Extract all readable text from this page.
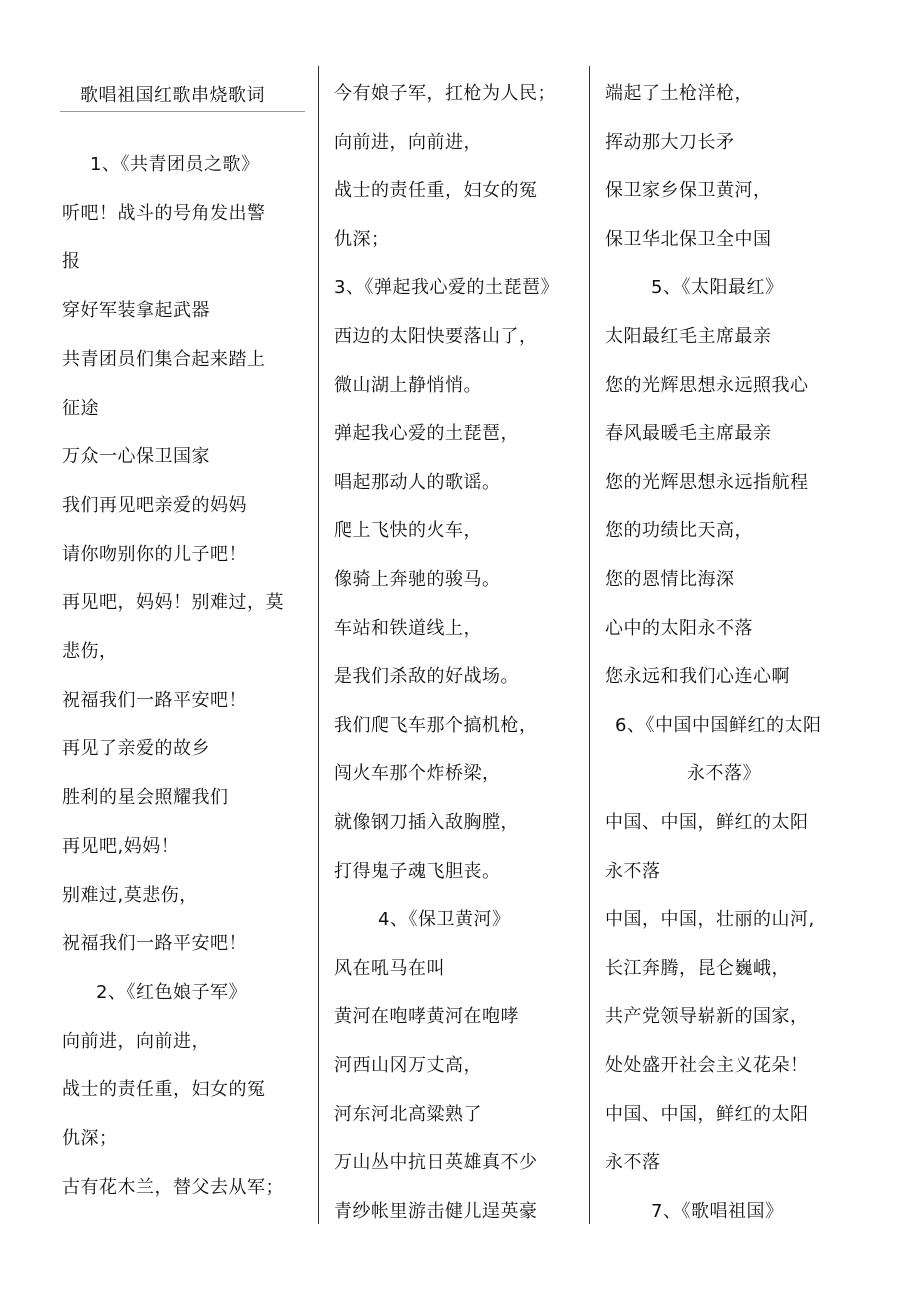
歌唱祖国红歌串烧歌词
1、《共青团员之歌》
听吧！战斗的号角发出警
报
穿好军装拿起武器
共青团员们集合起来踏上
征途
万众一心保卫国家
我们再见吧亲爱的妈妈
请你吻别你的儿子吧！
再见吧，妈妈！别难过，莫
悲伤，
祝福我们一路平安吧！
再见了亲爱的故乡
胜利的星会照耀我们
再见吧,妈妈！
别难过,莫悲伤，
祝福我们一路平安吧！
2、《红色娘子军》
向前进，向前进，
战士的责任重，妇女的冤
仇深；
古有花木兰，替父去从军；
今有娘子军，扛枪为人民；
向前进，向前进，
战士的责任重，妇女的冤
仇深；
3、《弹起我心爱的土琵琶》
西边的太阳快要落山了，
微山湖上静悄悄。
弹起我心爱的土琵琶，
唱起那动人的歌谣。
爬上飞快的火车，
像骑上奔驰的骏马。
车站和铁道线上，
是我们杀敌的好战场。
我们爬飞车那个搞机枪，
闯火车那个炸桥梁，
就像钢刀插入敌胸膛，
打得鬼子魂飞胆丧。
4、《保卫黄河》
风在吼马在叫
黄河在咆哮黄河在咆哮
河西山冈万丈高，
河东河北高粱熟了
万山丛中抗日英雄真不少
青纱帐里游击健儿逞英豪
端起了土枪洋枪，
挥动那大刀长矛
保卫家乡保卫黄河，
保卫华北保卫全中国
5、《太阳最红》
太阳最红毛主席最亲
您的光辉思想永远照我心
春风最暖毛主席最亲
您的光辉思想永远指航程
您的功绩比天高，
您的恩情比海深
心中的太阳永不落
您永远和我们心连心啊
6、《中国中国鲜红的太阳
永不落》
中国、中国，鲜红的太阳
永不落
中国，中国，壮丽的山河,
长江奔腾，昆仑巍峨，
共产党领导崭新的国家，
处处盛开社会主义花朵！
中国、中国，鲜红的太阳
永不落
7、《歌唱祖国》
